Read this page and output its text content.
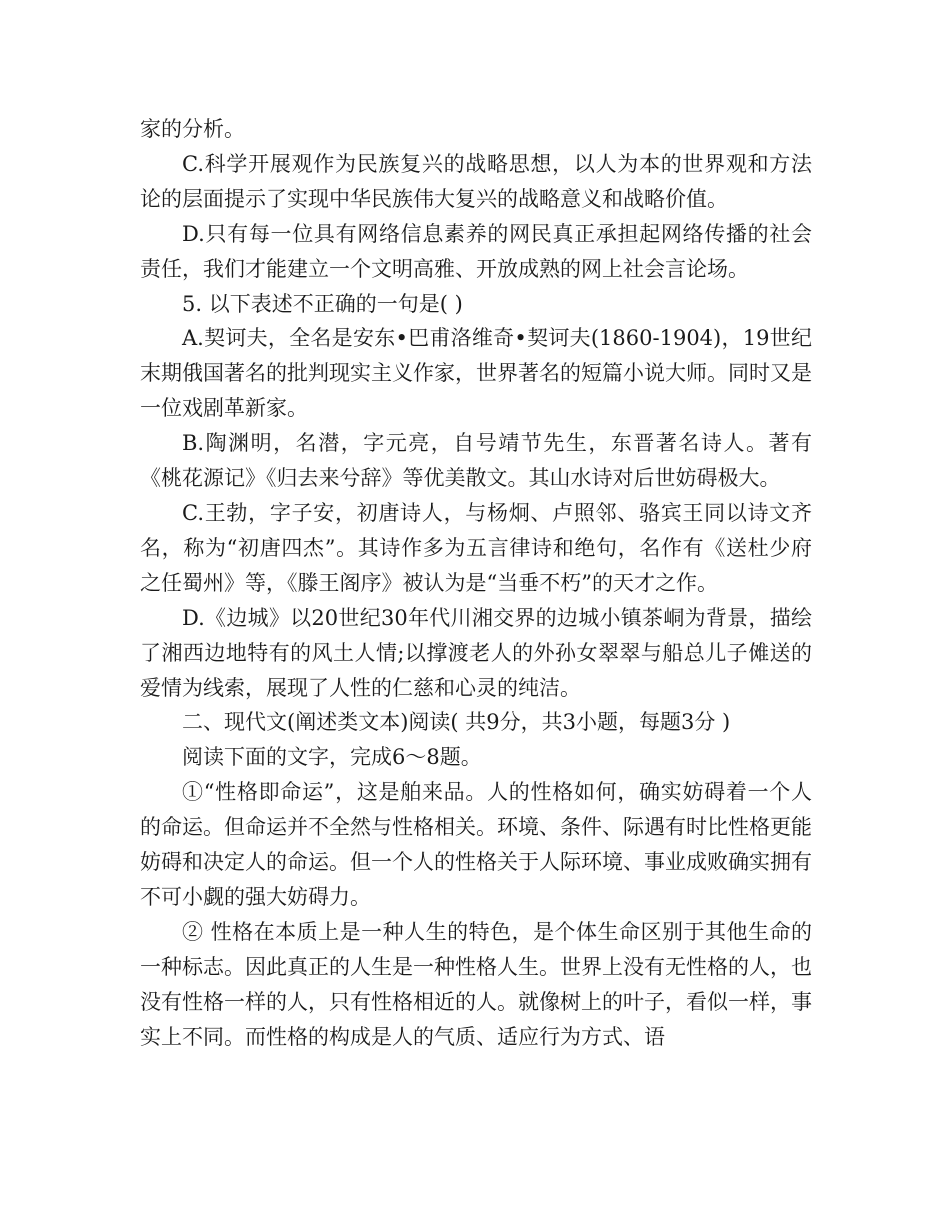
家的分析。

C.科学开展观作为民族复兴的战略思想，以人为本的世界观和方法论的层面提示了实现中华民族伟大复兴的战略意义和战略价值。

D.只有每一位具有网络信息素养的网民真正承担起网络传播的社会责任，我们才能建立一个文明高雅、开放成熟的网上社会言论场。

5. 以下表述不正确的一句是( )

A.契诃夫，全名是安东•巴甫洛维奇•契诃夫(1860-1904)，19世纪末期俄国著名的批判现实主义作家，世界著名的短篇小说大师。同时又是一位戏剧革新家。

B.陶渊明，名潜，字元亮，自号靖节先生，东晋著名诗人。著有《桃花源记》《归去来兮辞》等优美散文。其山水诗对后世妨碍极大。

C.王勃，字子安，初唐诗人，与杨炯、卢照邻、骆宾王同以诗文齐名，称为“初唐四杰”。其诗作多为五言律诗和绝句，名作有《送杜少府之任蜀州》等，《滕王阁序》被认为是“当垂不朽”的天才之作。

D.《边城》以20世纪30年代川湘交界的边城小镇茶峒为背景，描绘了湘西边地特有的风土人情;以撑渡老人的外孙女翠翠与船总儿子傩送的爱情为线索，展现了人性的仁慈和心灵的纯洁。

二、现代文(阐述类文本)阅读( 共9分，共3小题，每题3分 )

阅读下面的文字，完成6～8题。

①“性格即命运”，这是舶来品。人的性格如何，确实妨碍着一个人的命运。但命运并不全然与性格相关。环境、条件、际遇有时比性格更能妨碍和决定人的命运。但一个人的性格关于人际环境、事业成败确实拥有不可小觑的强大妨碍力。

② 性格在本质上是一种人生的特色，是个体生命区别于其他生命的一种标志。因此真正的人生是一种性格人生。世界上没有无性格的人，也没有性格一样的人，只有性格相近的人。就像树上的叶子，看似一样，事实上不同。而性格的构成是人的气质、适应行为方式、语
